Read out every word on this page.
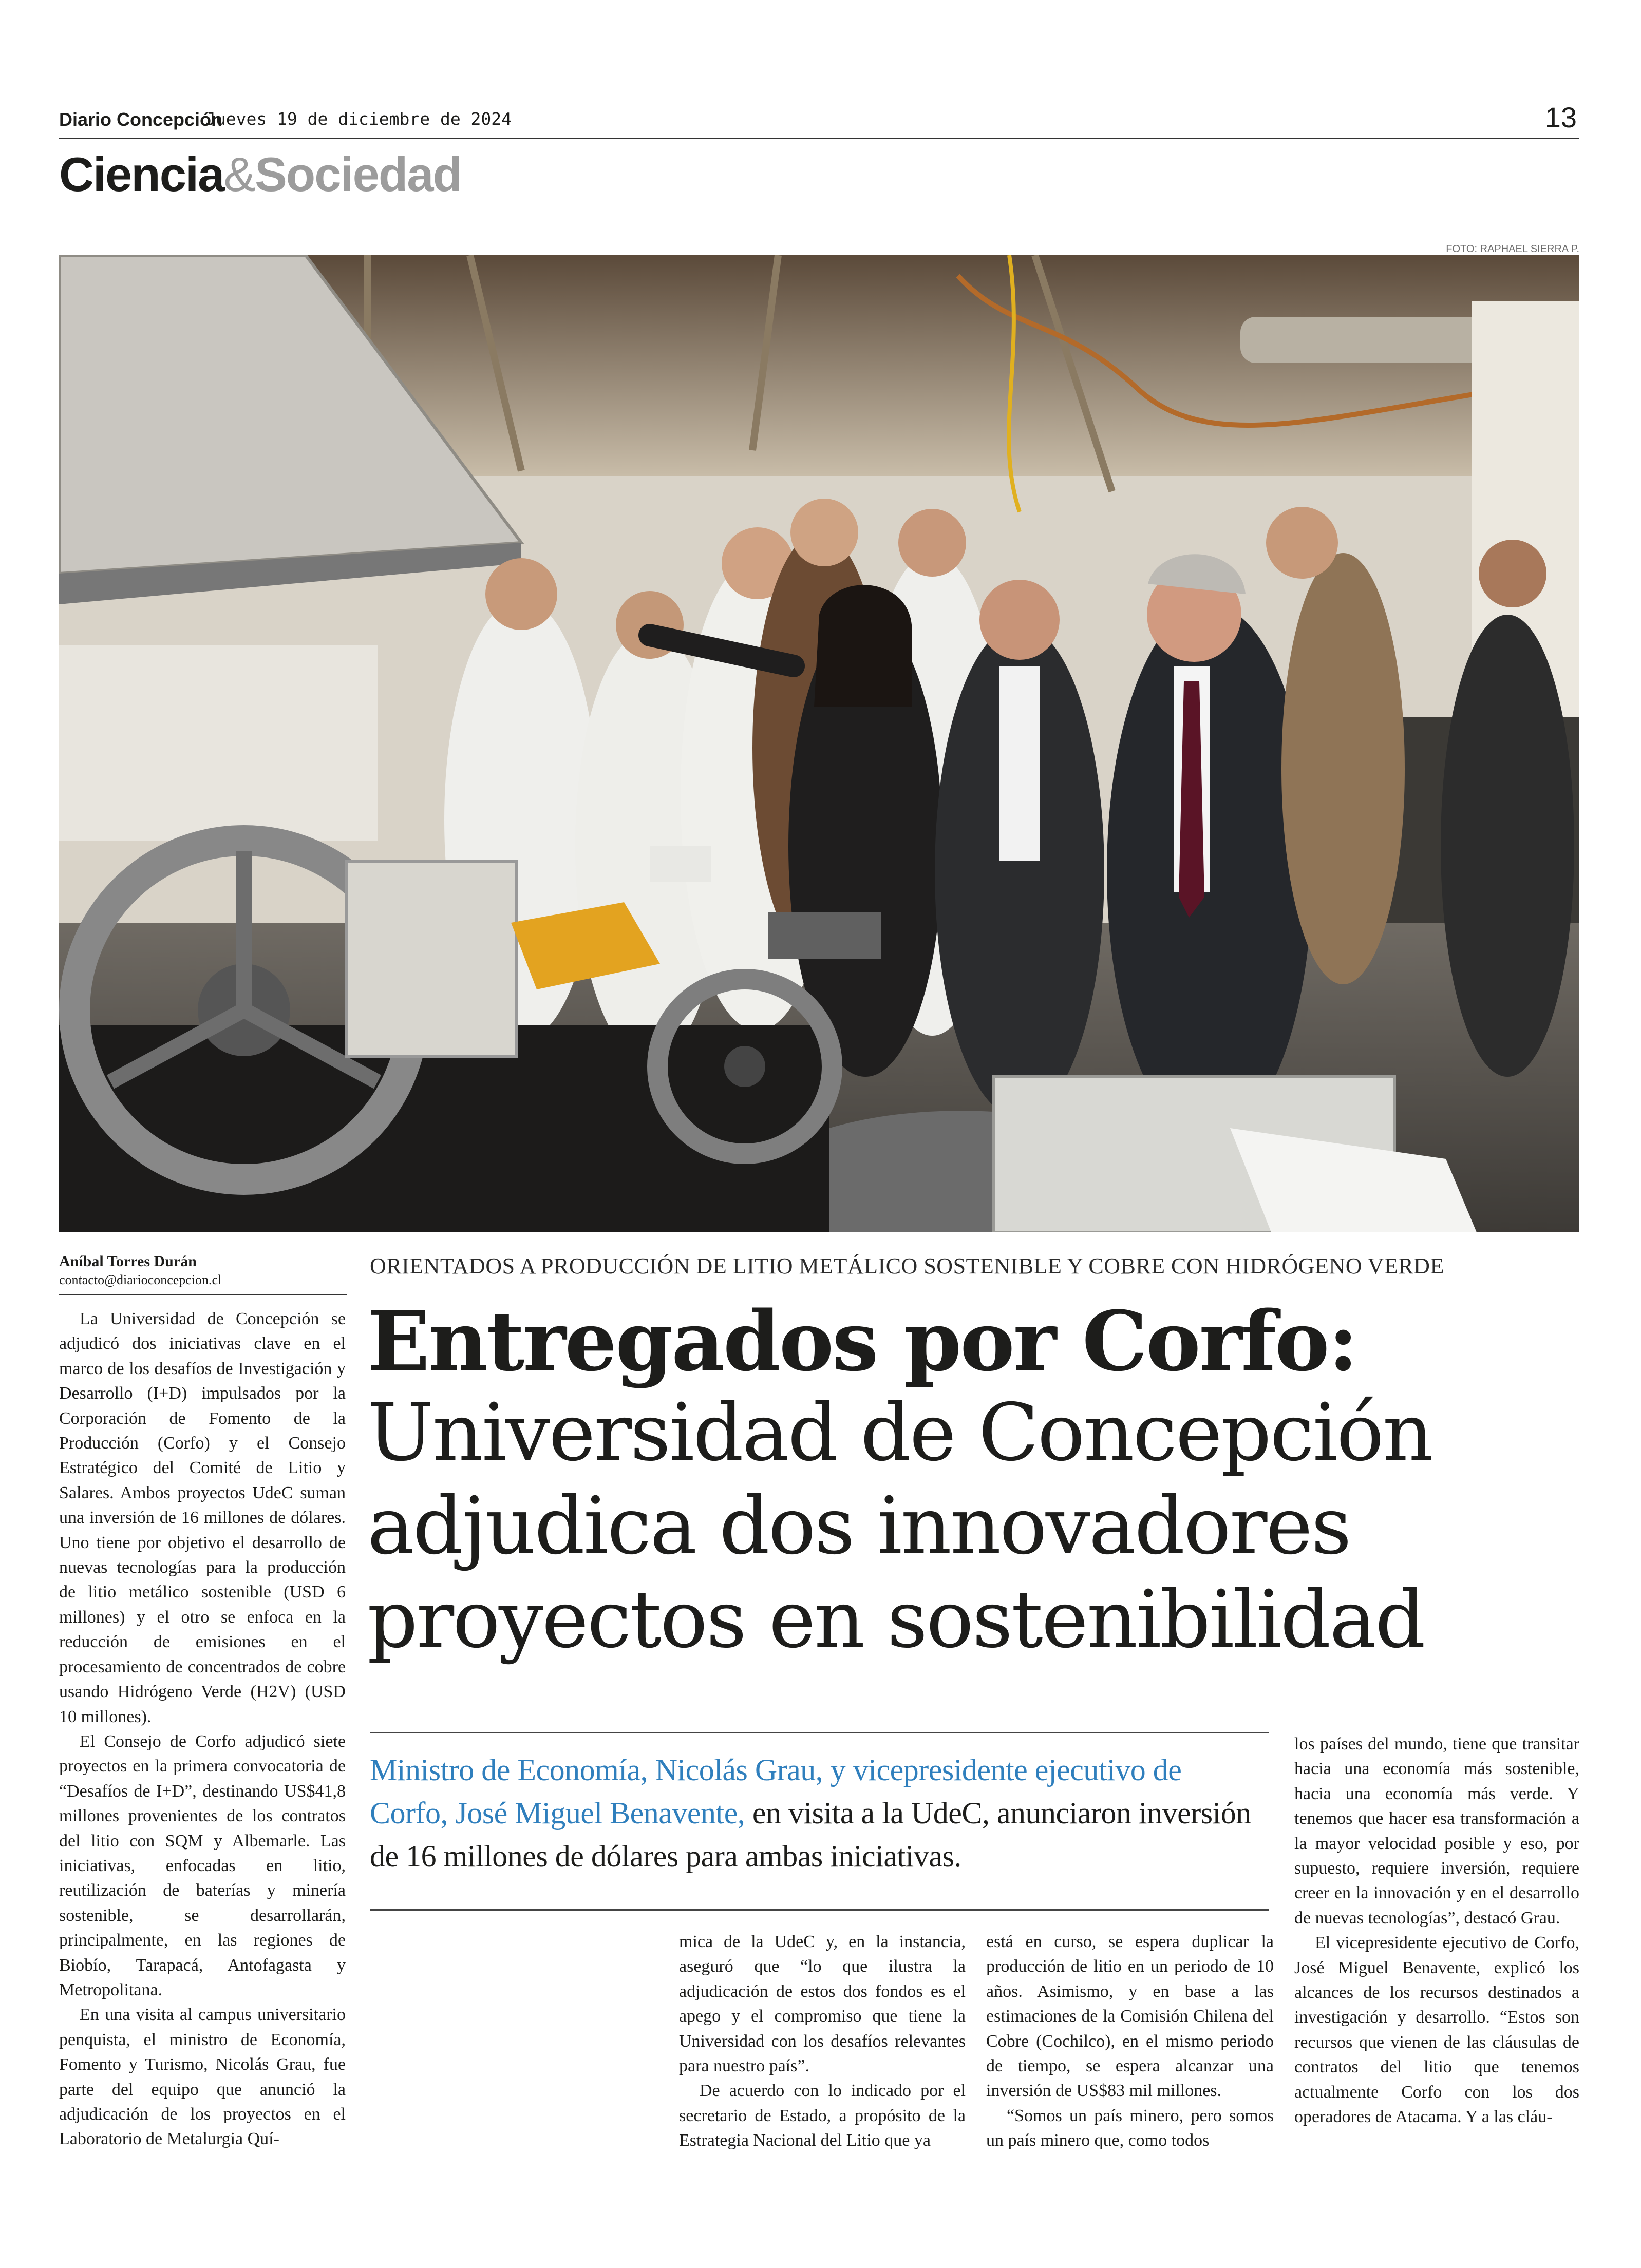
Diario Concepción
Jueves 19 de diciembre de 2024	13
Ciencia&Sociedad
FOTO: RAPHAEL SIERRA P.
Aníbal Torres Durán
contacto@diarioconcepcion.cl
ORIENTADOS A PRODUCCIÓN DE LITIO METÁLICO SOSTENIBLE Y COBRE CON HIDRÓGENO VERDE
Entregados por Corfo:
Universidad de Concepción
adjudica dos innovadores
proyectos en sostenibilidad
Ministro de Economía, Nicolás Grau, y vicepresidente ejecutivo de Corfo, José Miguel Benavente, en visita a la UdeC, anunciaron inversión de 16 millones de dólares para ambas iniciativas.

La Universidad de Concepción se adjudicó dos iniciativas clave en el marco de los desafíos de Investigación y Desarrollo (I+D) impulsados por la Corporación de Fomento de la Producción (Corfo) y el Consejo Estratégico del Comité de Litio y Salares. Ambos proyectos UdeC suman una inversión de 16 millones de dólares. Uno tiene por objetivo el desarrollo de nuevas tecnologías para la producción de litio metálico sostenible (USD 6 millones) y el otro se enfoca en la reducción de emisiones en el procesamiento de concentrados de cobre usando Hidrógeno Verde (H2V) (USD 10 millones).

El Consejo de Corfo adjudicó siete proyectos en la primera convocatoria de “Desafíos de I+D”, destinando US$41,8 millones provenientes de los contratos del litio con SQM y Albemarle. Las iniciativas, enfocadas en litio, reutilización de baterías y minería sostenible, se desarrollarán, principalmente, en las regiones de Biobío, Tarapacá, Antofagasta y Metropolitana.

En una visita al campus universitario penquista, el ministro de Economía, Fomento y Turismo, Nicolás Grau, fue parte del equipo que anunció la adjudicación de los proyectos en el Laboratorio de Metalurgia Quí-

mica de la UdeC y, en la instancia, aseguró que “lo que ilustra la adjudicación de estos dos fondos es el apego y el compromiso que tiene la Universidad con los desafíos relevantes para nuestro país”.

De acuerdo con lo indicado por el secretario de Estado, a propósito de la Estrategia Nacional del Litio que ya

está en curso, se espera duplicar la producción de litio en un periodo de 10 años. Asimismo, y en base a las estimaciones de la Comisión Chilena del Cobre (Cochilco), en el mismo periodo de tiempo, se espera alcanzar una inversión de US$83 mil millones.

“Somos un país minero, pero somos un país minero que, como todos

los países del mundo, tiene que transitar hacia una economía más sostenible, hacia una economía más verde. Y tenemos que hacer esa transformación a la mayor velocidad posible y eso, por supuesto, requiere inversión, requiere creer en la innovación y en el desarrollo de nuevas tecnologías”, destacó Grau.

El vicepresidente ejecutivo de Corfo, José Miguel Benavente, explicó los alcances de los recursos destinados a investigación y desarrollo. “Estos son recursos que vienen de las cláusulas de contratos del litio que tenemos actualmente Corfo con los dos operadores de Atacama. Y a las cláu-
